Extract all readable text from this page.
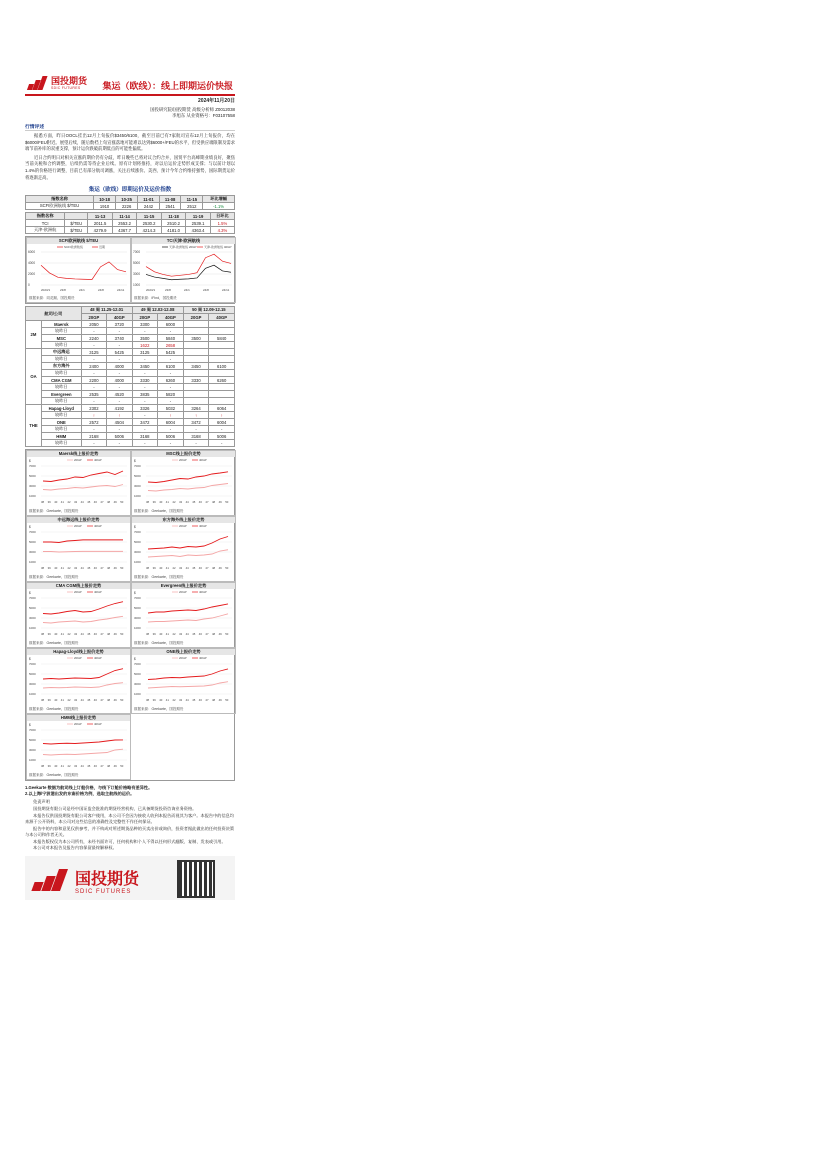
国投期货
SDIC FUTURES	集运（欧线）：线上即期运价快报
2024年11月20日
国投研究院/国投期货 高级分析师 Z0012038
李旭东 从业资格号：F03107558
行情评述

据悉方面，昨日OOCL挂出12月上旬报价$3450/6100，截至目前已有7家航司宣布12月上旬报价，均在$6000/FEU附近。展望后续，随后数档上旬宣涨落地可能难以达到$6000+/FEU的水平，但受供应端限制及需求端节前补库的双重支撑，预计运价跌破前期低点的可能性偏低。

近日合约明日对相关宣涨的期价仍有分歧，昨日晚些已将对议合约合并，国贸平台高峰期业绩良好，聚焦当前关税和合约调整，后续仍需等待企业后续。原有计划将推持，对以后运价走势形成支撑；与以前计划以1.4%的价格进行调整，目前已有部分航司调涨，关注后续涨价。美西、预计今年合约维持强势，国际期货运价将逐渐走高。

集运（欧线）即期运价及运价指数
指数名称	10-18	10-25	11-01	11-08	11-15	环比增幅
SCFI欧洲航线 $/TEU	1910	2226	2442	2541	2512	-1.1%
指数名称		11-13	11-14	11-15	11-18	11-19	日环比
TCI	$/TEU	2011.5	2553.2	2530.2	2510.2	2539.1	1.5%
天津-欧洲航	$/TEU	4279.9	4367.7	4214.3	4181.0	4363.4	4.3%
SCFI欧洲航线 $/TEU
6000
4000
2000
0
2023/1	23/8	24/1	24/8	24/11
SCFI欧洲航线	近期
数据来源：同花顺、国投期货
TCI天津-欧洲航线
7000
5000
3000
1000
2023/1	23/8	24/1	24/8	24/11
天津-欧洲航线 20GP 天津-欧洲航线 40GP
数据来源：iFind，国投期货
航司/公司		48 周 11.25-12.01		49 周 12.02-12.08		50 周 12.09-12.15	
		20GP	40GP	20GP	40GP	20GP	40GP
2M	Maersk	2050	3720	3300	6000		
	较昨日	-	-	-	-		
	MSC	2240	3740	3500	5840	3500	5840
	较昨日	-	-	1622	2658		
OA	中远海运	3125	5425	3125	5425		
	较昨日	-	-	-	-		
	东方海外	2400	4000	3450	6100	3450	6100
	较昨日	-	-	-	-		
	CMA CGM	2200	4000	3330	6260	3330	6260
	较昨日	-	-	-	-		
	Evergreen	2535	4520	3835	5820		
	较昨日	-	-	-	-		
THE	Hapag-Lloyd	2302	4192	3326	5032	3264	6064
	较昨日	↑	↑	-	↑	↑	↑
	ONE	2572	4504	3472	6004	3472	6004
	较昨日	-	-	-	-	-	-
	HMM	2168	5006	3168	5006	3168	5006
	较昨日	-	-	-	-	-	-
Maersk线上报价走势
$	20GP	40GP
7000
5000
3000
1000
38 39 40 41 42 43 44 45 46 47 48 49 50
数据来源：Geekarte、国投期货
MSC线上报价走势
$	20GP	40GP
7000
5000
3000
1000
38 39 40 41 42 43 44 45 46 47 48 49 50
数据来源：Geekarte、国投期货
中远海运线上报价走势
$	20GP	40GP
7000
5000
3000
1000
38 39 40 41 42 43 44 45 46 47 48 49 50
数据来源：Geekarte、国投期货
东方海外线上报价走势
$	20GP	40GP
7000
5000
3000
1000
38 39 40 41 42 43 44 45 46 47 48 49 50
数据来源：Geekarte、国投期货
CMA CGM线上报价走势
$	20GP	40GP
7000
5000
3000
1000
38 39 40 41 42 43 44 45 46 47 48 49 50
数据来源：Geekarte、国投期货
Evergreen线上报价走势
$	20GP	40GP
7000
5000
3000
1000
38 39 40 41 42 43 44 45 46 47 48 49 50
数据来源：Geekarte、国投期货
Hapag-Lloyd线上报价走势
$	20GP	40GP
7000
5000
3000
1000
38 39 40 41 42 43 44 45 46 47 48 49 50
数据来源：Geekarte、国投期货
ONE线上报价走势
$	20GP	40GP
7000
5000
3000
1000
38 39 40 41 42 43 44 45 46 47 48 49 50
数据来源：Geekarte、国投期货
HMM线上报价走势
$	20GP	40GP
7000
5000
3000
1000
38 39 40 41 42 43 44 45 46 47 48 49 50
数据来源：Geekarte、国投期货
1.Geekarte 数据为航司线上订舱价格，与线下订舱价格略有差异性。
2.以上海/宁波港出发的东南价格为例，选取主航线的运价。
免责声明

国投期货有限公司是经中国证监会批准的期货经营机构，已具备期货投资咨询业务资格。

本报告仅供国投期货有限公司客户使用，本公司不会因为接收人收到本报告而视其为客户。本报告中的信息均来源于公开资料，本公司对这些信息的准确性及完整性不作任何保证。

报告中的内容和意见仅供参考，并不构成对所述期货品种的买卖出价或询价，投资者据此做出的任何投资决策与本公司和作者无关。

本报告版权仅为本公司所有，未经书面许可，任何机构和个人不得以任何形式翻版、复制、发表或引用。

本公司对本报告及报告内容保留最终解释权。

国投期货
SDIC FUTURES
